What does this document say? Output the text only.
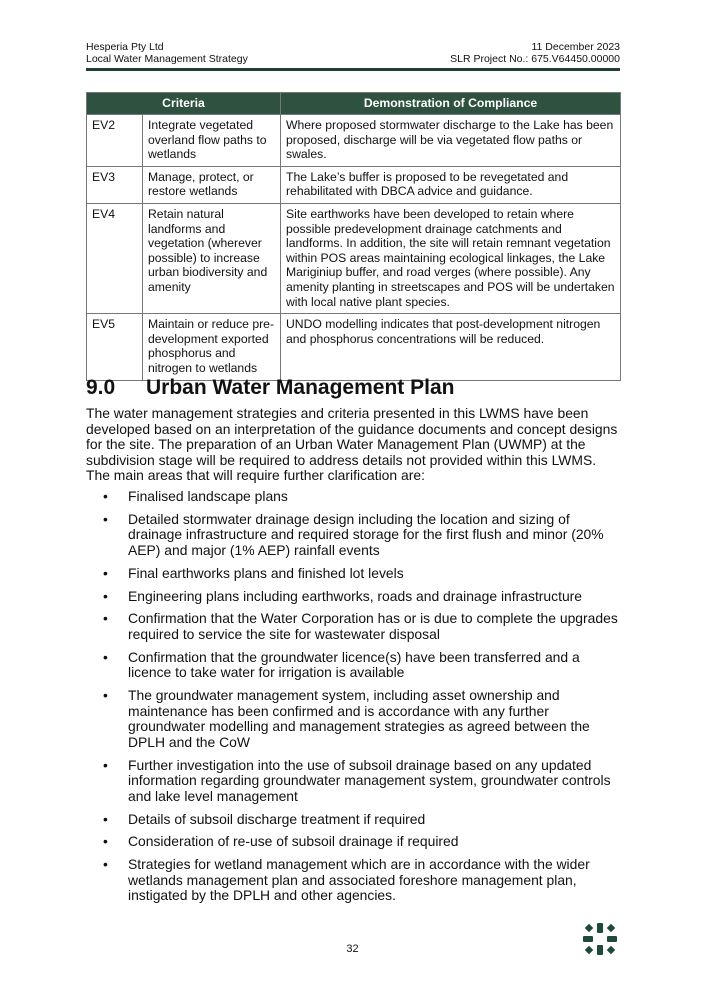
Hesperia Pty Ltd
Local Water Management Strategy
11 December 2023
SLR Project No.: 675.V64450.00000
Criteria		Demonstration of Compliance
EV2	Integrate vegetated overland flow paths to wetlands	Where proposed stormwater discharge to the Lake has been proposed, discharge will be via vegetated flow paths or swales.
EV3	Manage, protect, or restore wetlands	The Lake’s buffer is proposed to be revegetated and rehabilitated with DBCA advice and guidance.
EV4	Retain natural landforms and vegetation (wherever possible) to increase urban biodiversity and amenity	Site earthworks have been developed to retain where possible predevelopment drainage catchments and landforms. In addition, the site will retain remnant vegetation within POS areas maintaining ecological linkages, the Lake Mariginiup buffer, and road verges (where possible). Any amenity planting in streetscapes and POS will be undertaken with local native plant species.
EV5	Maintain or reduce pre-development exported phosphorus and nitrogen to wetlands	UNDO modelling indicates that post-development nitrogen and phosphorus concentrations will be reduced.
9.0 Urban Water Management Plan

The water management strategies and criteria presented in this LWMS have been developed based on an interpretation of the guidance documents and concept designs for the site. The preparation of an Urban Water Management Plan (UWMP) at the subdivision stage will be required to address details not provided within this LWMS. The main areas that will require further clarification are:

• Finalised landscape plans
• Detailed stormwater drainage design including the location and sizing of drainage infrastructure and required storage for the first flush and minor (20% AEP) and major (1% AEP) rainfall events
• Final earthworks plans and finished lot levels
• Engineering plans including earthworks, roads and drainage infrastructure
• Confirmation that the Water Corporation has or is due to complete the upgrades required to service the site for wastewater disposal
• Confirmation that the groundwater licence(s) have been transferred and a licence to take water for irrigation is available
• The groundwater management system, including asset ownership and maintenance has been confirmed and is accordance with any further groundwater modelling and management strategies as agreed between the DPLH and the CoW
• Further investigation into the use of subsoil drainage based on any updated information regarding groundwater management system, groundwater controls and lake level management
• Details of subsoil discharge treatment if required
• Consideration of re-use of subsoil drainage if required
• Strategies for wetland management which are in accordance with the wider wetlands management plan and associated foreshore management plan, instigated by the DPLH and other agencies.
32
